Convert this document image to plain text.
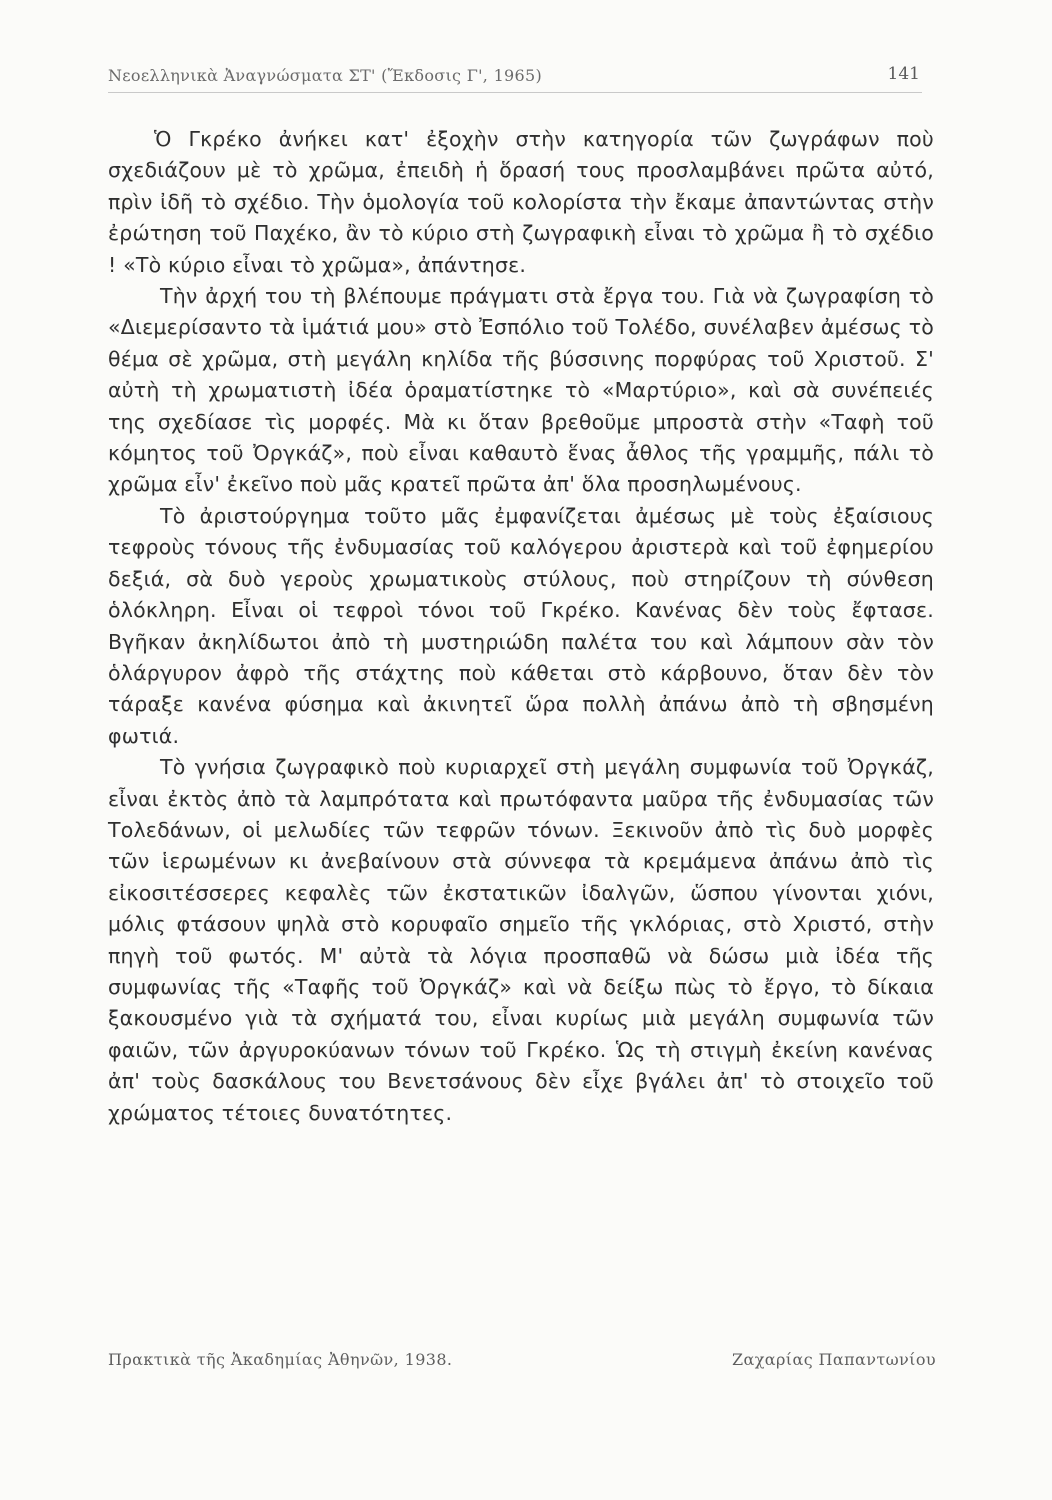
Νεοελληνικὰ Ἀναγνώσματα ΣΤ' (Ἔκδοσις Γ', 1965)	141

Ὁ Γκρέκο ἀνήκει κατ' ἐξοχὴν στὴν κατηγορία τῶν ζωγράφων ποὺ σχεδιάζουν μὲ τὸ χρῶμα, ἐπειδὴ ἡ ὅρασή τους προσλαμβάνει πρῶτα αὐτό, πρὶν ἰδῆ τὸ σχέδιο. Τὴν ὁμολογία τοῦ κολορίστα τὴν ἔκαμε ἀπαντώντας στὴν ἐρώτηση τοῦ Παχέκο, ἂν τὸ κύριο στὴ ζωγραφικὴ εἶναι τὸ χρῶμα ἢ τὸ σχέδιο ! «Τὸ κύριο εἶναι τὸ χρῶμα», ἀπάντησε.

Τὴν ἀρχή του τὴ βλέπουμε πράγματι στὰ ἔργα του. Γιὰ νὰ ζωγραφίση τὸ «Διεμερίσαντο τὰ ἱμάτιά μου» στὸ Ἐσπόλιο τοῦ Τολέδο, συνέλαβεν ἀμέσως τὸ θέμα σὲ χρῶμα, στὴ μεγάλη κηλίδα τῆς βύσσινης πορφύρας τοῦ Χριστοῦ. Σ' αὐτὴ τὴ χρωματιστὴ ἰδέα ὁραματίστηκε τὸ «Μαρτύριο», καὶ σὰ συνέπειές της σχεδίασε τὶς μορφές. Μὰ κι ὅταν βρεθοῦμε μπροστὰ στὴν «Ταφὴ τοῦ κόμητος τοῦ Ὀργκάζ», ποὺ εἶναι καθαυτὸ ἕνας ἆθλος τῆς γραμμῆς, πάλι τὸ χρῶμα εἶν' ἐκεῖνο ποὺ μᾶς κρατεῖ πρῶτα ἀπ' ὅλα προσηλωμένους.

Τὸ ἀριστούργημα τοῦτο μᾶς ἐμφανίζεται ἀμέσως μὲ τοὺς ἐξαίσιους τεφροὺς τόνους τῆς ἐνδυμασίας τοῦ καλόγερου ἀριστερὰ καὶ τοῦ ἐφημερίου δεξιά, σὰ δυὸ γεροὺς χρωματικοὺς στύλους, ποὺ στηρίζουν τὴ σύνθεση ὁλόκληρη. Εἶναι οἱ τεφροὶ τόνοι τοῦ Γκρέκο. Κανένας δὲν τοὺς ἔφτασε. Βγῆκαν ἀκηλίδωτοι ἀπὸ τὴ μυστηριώδη παλέτα του καὶ λάμπουν σὰν τὸν ὁλάργυρον ἀφρὸ τῆς στάχτης ποὺ κάθεται στὸ κάρβουνο, ὅταν δὲν τὸν τάραξε κανένα φύσημα καὶ ἀκινητεῖ ὥρα πολλὴ ἀπάνω ἀπὸ τὴ σβησμένη φωτιά.

Τὸ γνήσια ζωγραφικὸ ποὺ κυριαρχεῖ στὴ μεγάλη συμφωνία τοῦ Ὀργκάζ, εἶναι ἐκτὸς ἀπὸ τὰ λαμπρότατα καὶ πρωτόφαντα μαῦρα τῆς ἐνδυμασίας τῶν Τολεδάνων, οἱ μελωδίες τῶν τεφρῶν τόνων. Ξεκινοῦν ἀπὸ τὶς δυὸ μορφὲς τῶν ἱερωμένων κι ἀνεβαίνουν στὰ σύννεφα τὰ κρεμάμενα ἀπάνω ἀπὸ τὶς εἰκοσιτέσσερες κεφαλὲς τῶν ἐκστατικῶν ἰδαλγῶν, ὥσπου γίνονται χιόνι, μόλις φτάσουν ψηλὰ στὸ κορυφαῖο σημεῖο τῆς γκλόριας, στὸ Χριστό, στὴν πηγὴ τοῦ φωτός. Μ' αὐτὰ τὰ λόγια προσπαθῶ νὰ δώσω μιὰ ἰδέα τῆς συμφωνίας τῆς «Ταφῆς τοῦ Ὀργκάζ» καὶ νὰ δείξω πὼς τὸ ἔργο, τὸ δίκαια ξακουσμένο γιὰ τὰ σχήματά του, εἶναι κυρίως μιὰ μεγάλη συμφωνία τῶν φαιῶν, τῶν ἀργυροκύανων τόνων τοῦ Γκρέκο. Ὡς τὴ στιγμὴ ἐκείνη κανένας ἀπ' τοὺς δασκάλους του Βενετσάνους δὲν εἶχε βγάλει ἀπ' τὸ στοιχεῖο τοῦ χρώματος τέτοιες δυνατότητες.

Πρακτικὰ τῆς Ἀκαδημίας Ἀθηνῶν, 1938.	Ζαχαρίας Παπαντωνίου
